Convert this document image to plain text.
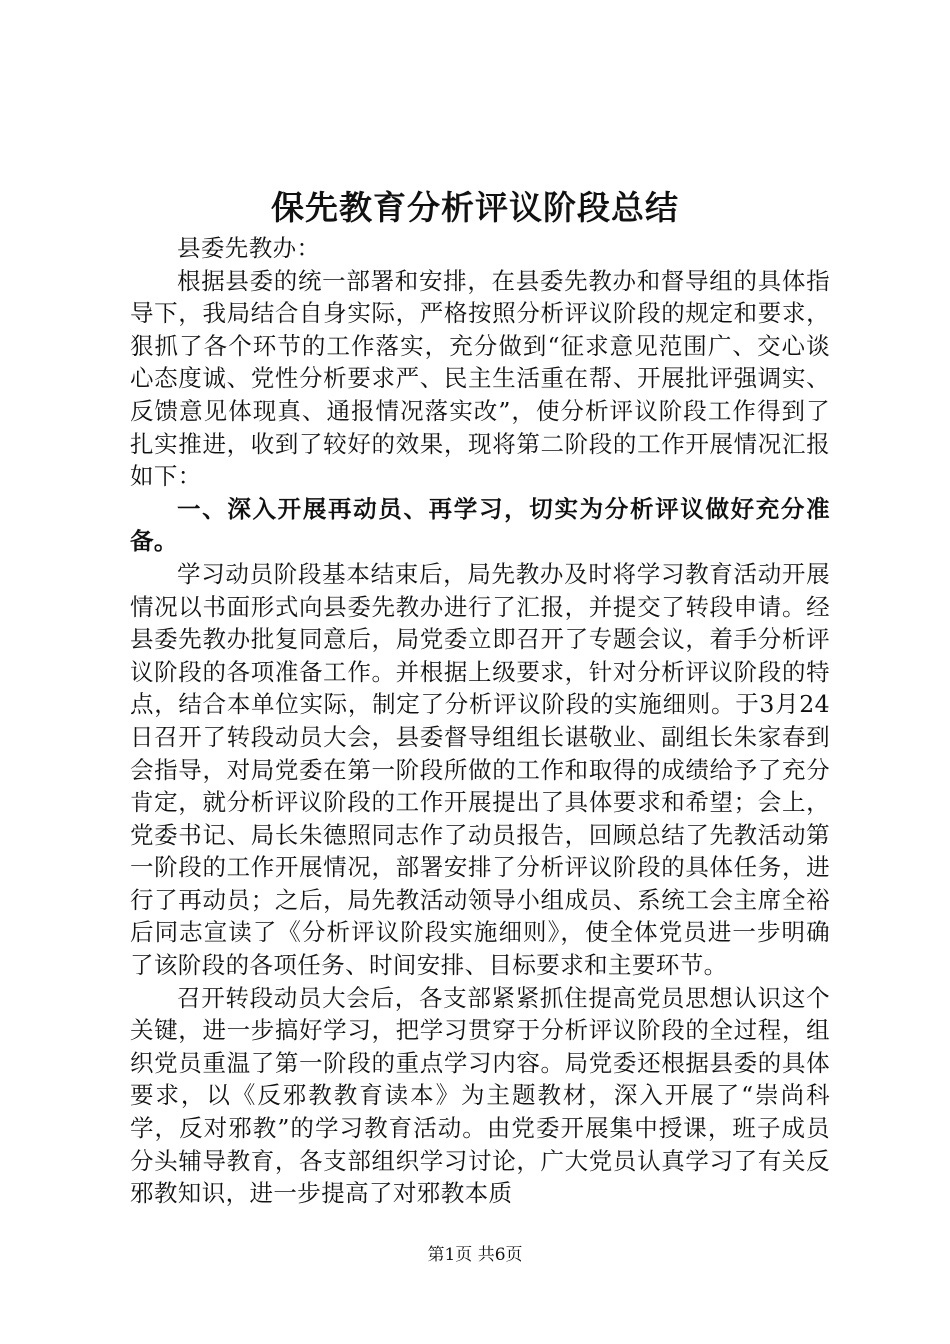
保先教育分析评议阶段总结

县委先教办：

根据县委的统一部署和安排，在县委先教办和督导组的具体指导下，我局结合自身实际，严格按照分析评议阶段的规定和要求，狠抓了各个环节的工作落实，充分做到“征求意见范围广、交心谈心态度诚、党性分析要求严、民主生活重在帮、开展批评强调实、反馈意见体现真、通报情况落实改”，使分析评议阶段工作得到了扎实推进，收到了较好的效果，现将第二阶段的工作开展情况汇报如下：

一、深入开展再动员、再学习，切实为分析评议做好充分准备。

学习动员阶段基本结束后，局先教办及时将学习教育活动开展情况以书面形式向县委先教办进行了汇报，并提交了转段申请。经县委先教办批复同意后，局党委立即召开了专题会议，着手分析评议阶段的各项准备工作。并根据上级要求，针对分析评议阶段的特点，结合本单位实际，制定了分析评议阶段的实施细则。于3月24日召开了转段动员大会，县委督导组组长谌敬业、副组长朱家春到会指导，对局党委在第一阶段所做的工作和取得的成绩给予了充分肯定，就分析评议阶段的工作开展提出了具体要求和希望；会上，党委书记、局长朱德照同志作了动员报告，回顾总结了先教活动第一阶段的工作开展情况，部署安排了分析评议阶段的具体任务，进行了再动员；之后，局先教活动领导小组成员、系统工会主席全裕后同志宣读了《分析评议阶段实施细则》，使全体党员进一步明确了该阶段的各项任务、时间安排、目标要求和主要环节。

召开转段动员大会后，各支部紧紧抓住提高党员思想认识这个关键，进一步搞好学习，把学习贯穿于分析评议阶段的全过程，组织党员重温了第一阶段的重点学习内容。局党委还根据县委的具体要求，以《反邪教教育读本》为主题教材，深入开展了“崇尚科学，反对邪教”的学习教育活动。由党委开展集中授课，班子成员分头辅导教育，各支部组织学习讨论，广大党员认真学习了有关反邪教知识，进一步提高了对邪教本质

第1页 共6页
